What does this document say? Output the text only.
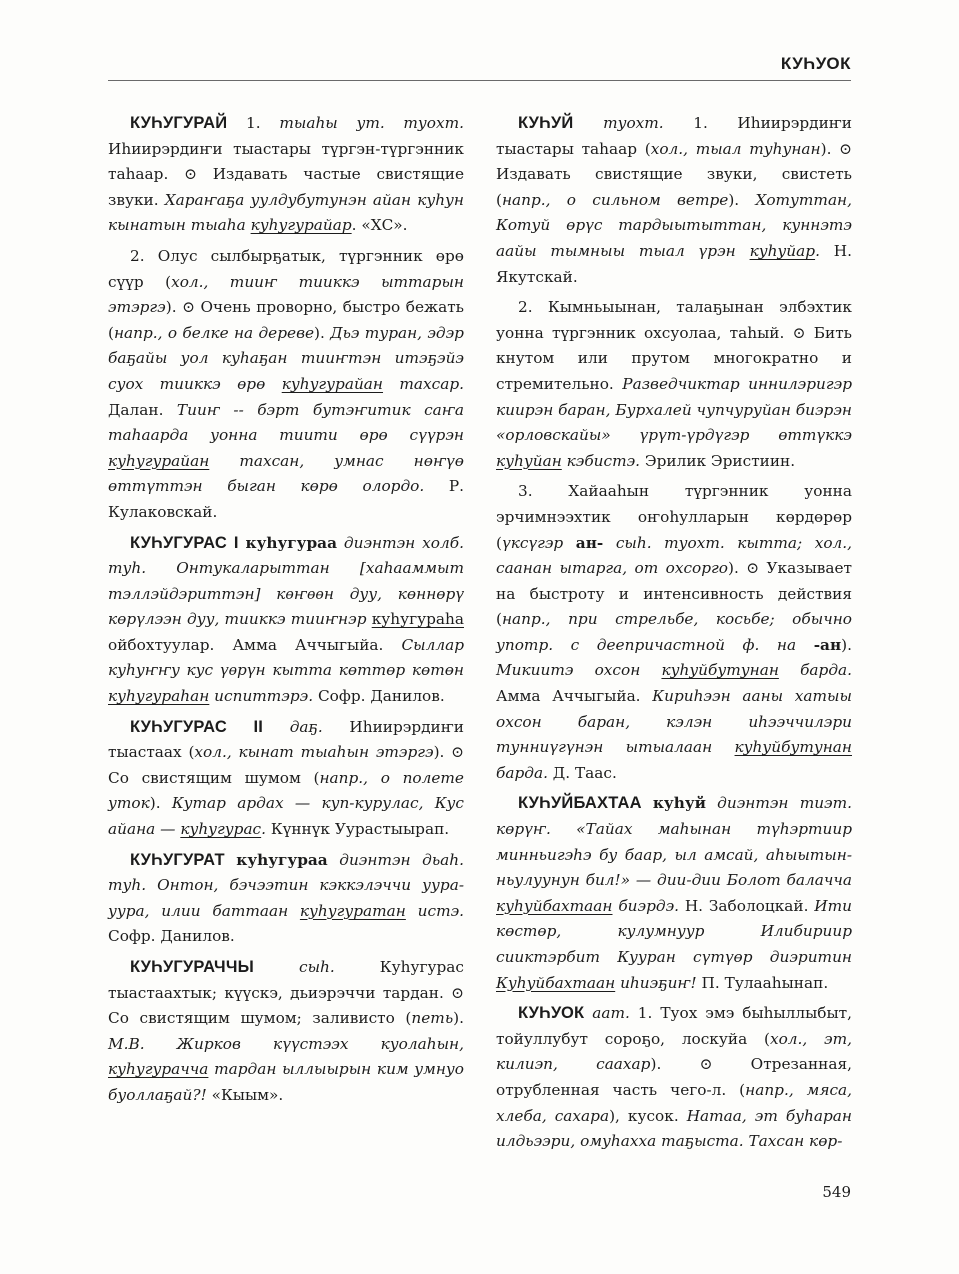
КУҺУОК
КУҺУГУРАЙ 1. тыаһы ут. туохт. Иһиирэрдиҥи тыастары түргэн-түргэнник таһаар. ⊙ Издавать частые свистящие звуки. Хараҥаҕа уулдубутунэн айан куһун кынатын тыаһа куһугурайар. «ХС».
2. Олус сылбырҕатык, түргэнник өрө сүүр (хол., тииҥ тииккэ ыттарын этэргэ). ⊙ Очень проворно, быстро бежать (напр., о белке на дереве). Дьэ туран, эдэр баҕайы уол куһаҕан тииҥтэн итэҕэйэ суох тииккэ өрө куһугурайан тахсар. Далан. Тииҥ -- бэрт бутэҥитик саҥа таһаарда уонна тиити өрө сүүрэн куһугурайан тахсан, умнас нөҥүө өттүттэн быган көрө олордо. Р. Кулаковскай.
КУҺУГУРАС I куһугураа диэнтэн холб. туһ. Онтукаларыттан [хаһааммыт тэллэйдэриттэн] кѳҥѳѳн дуу, көннөрү көрүлээн дуу, тииккэ тииҥнэр куһугураһа ойбохтуулар. Амма Аччыгыйа. Сыллар куһуҥҥу кус үѳрүн кытта көттөр көтөн куһугураһан испиттэрэ. Софр. Данилов.
КУҺУГУРАС II даҕ. Иһиирэрдиҥи тыастаах (хол., кынат тыаһын этэргэ). ⊙ Со свистящим шумом (напр., о полете уток). Кутар ардах — куп-курулас, Кус айана — куһугурас. Күннүк Уурастыырап.
КУҺУГУРАТ куһугураа диэнтэн дьаһ. туһ. Онтон, бэчээтин кэккэлэччи уура-уура, илии баттаан куһугуратан истэ. Софр. Данилов.
КУҺУГУРАЧЧЫ	сыһ. Куһугурас тыастаахтык; күүскэ, дьиэрэччи тардан. ⊙ Со свистящим шумом; заливисто (петь). М.В. Жирков күүстээх куолаһын, куһугурачча тардан ыллыырын ким умнуо буоллаҕай?! «Кыым».
КУҺУЙ туохт. 1. Иһиирэрдиҥи тыастары таһаар (хол., тыал туһунан). ⊙ Издавать свистящие звуки, свистеть (напр., о сильном ветре). Хотуттан, Котуй өрүс тардыытыттан, куннэтэ аайы тымныы тыал үрэн куһуйар. Н. Якутскай.
2. Кымньыынан, талаҕынан элбэхтик уонна түргэнник охсуолаа, таһый. ⊙ Бить кнутом или прутом многократно и стремительно. Разведчиктар иннилэригэр киирэн баран, Бурхалей чупчуруйан биэрэн «орловскайы» үрүт-үрдүгэр өттүккэ куһуйан кэбистэ. Эрилик Эристиин.
3. Хайааһын түргэнник уонна эрчимнээхтик оҥоһулларын көрдөрөр (үксүгэр ан- сыһ. туохт. кытта; хол., саанан ытарга, от охсорго). ⊙ Указывает на быстроту и интенсивность действия (напр., при стрельбе, косьбе; обычно употр. с деепричастной ф. на -ан). Микиитэ охсон куһуйбутунан барда. Амма Аччыгыйа. Кириһээн ааны хатыы охсон баран, кэлэн иһээччилэри тунниүгүнэн ытыалаан куһуйбутунан барда. Д. Таас.
КУҺУЙБАХТАА куһуй диэнтэн тиэт. көрүҥ. «Тайах маһынан түһэртиир минньигэһэ бу баар, ыл амсай, аһыытын-ньулуунун бил!» — дии-дии Болот балачча куһуйбахтаан биэрдэ. Н. Заболоцкай. Ити көстөр, кулумнуур Илибириир сииктэрбит Кууран сүтүөр диэритин Куһуйбахтаан иһиэҕиҥ! П. Тулааһынап.
КУҺУОК аат. 1. Туох эмэ быһыллыбыт, тойуллубут сороҕо, лоскуйа (хол., эт, килиэп, саахар). ⊙ Отрезанная, отрубленная часть чего-л. (напр., мяса, хлеба, сахара), кусок. Натаа, эт буһаран илдьээри, омуһахха таҕыста. Тахсан көр-
549
